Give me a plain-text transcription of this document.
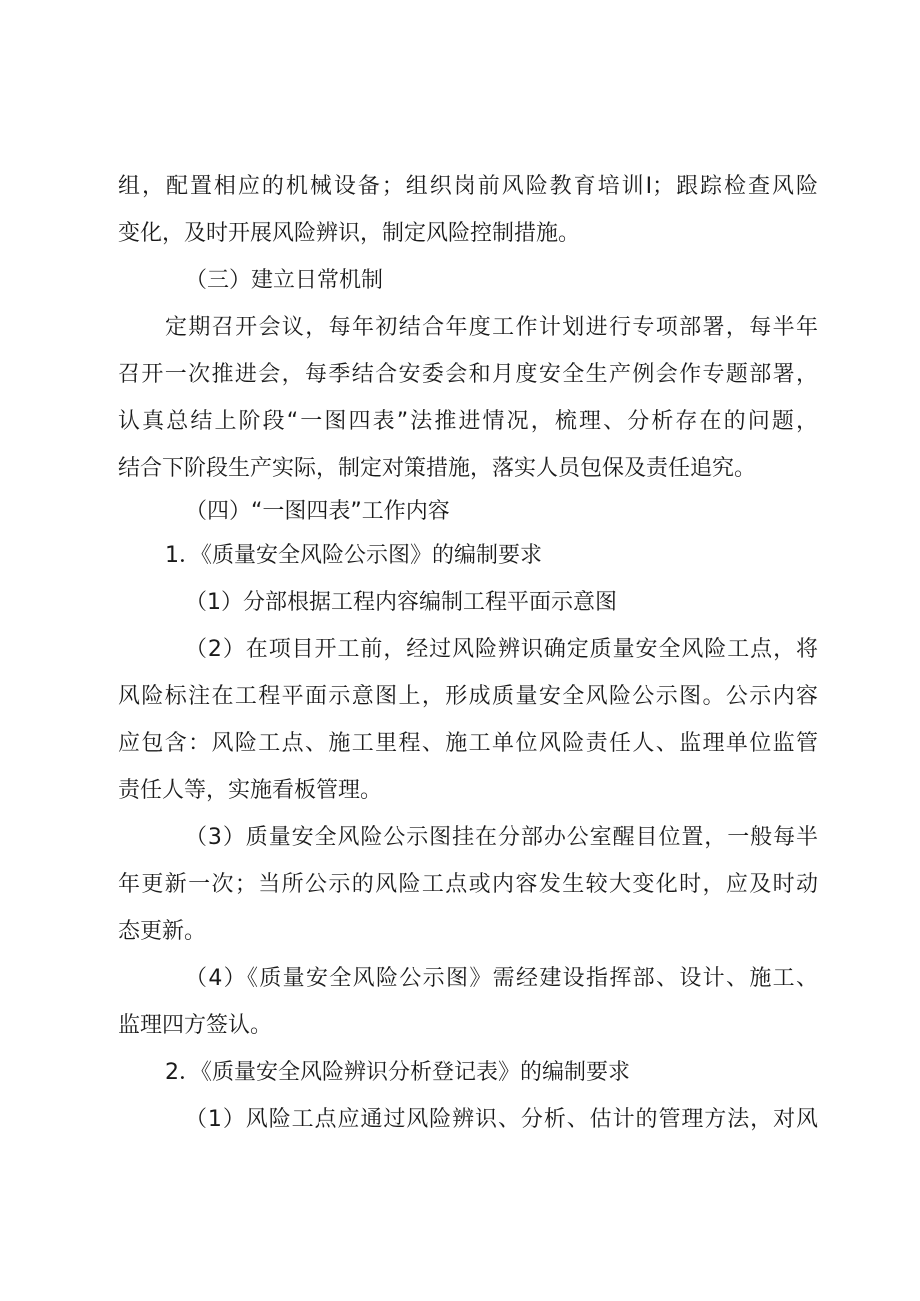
组，配置相应的机械设备；组织岗前风险教育培训I；跟踪检查风险
变化，及时开展风险辨识，制定风险控制措施。
（三）建立日常机制
定期召开会议，每年初结合年度工作计划进行专项部署，每半年
召开一次推进会，每季结合安委会和月度安全生产例会作专题部署，
认真总结上阶段“一图四表”法推进情况，梳理、分析存在的问题，
结合下阶段生产实际，制定对策措施，落实人员包保及责任追究。
（四）“一图四表”工作内容
1．《质量安全风险公示图》的编制要求
（1）分部根据工程内容编制工程平面示意图
（2）在项目开工前，经过风险辨识确定质量安全风险工点，将
风险标注在工程平面示意图上，形成质量安全风险公示图。公示内容
应包含：风险工点、施工里程、施工单位风险责任人、监理单位监管
责任人等，实施看板管理。
（3）质量安全风险公示图挂在分部办公室醒目位置，一般每半
年更新一次；当所公示的风险工点或内容发生较大变化时，应及时动
态更新。
（4）《质量安全风险公示图》需经建设指挥部、设计、施工、
监理四方签认。
2．《质量安全风险辨识分析登记表》的编制要求
（1）风险工点应通过风险辨识、分析、估计的管理方法，对风
